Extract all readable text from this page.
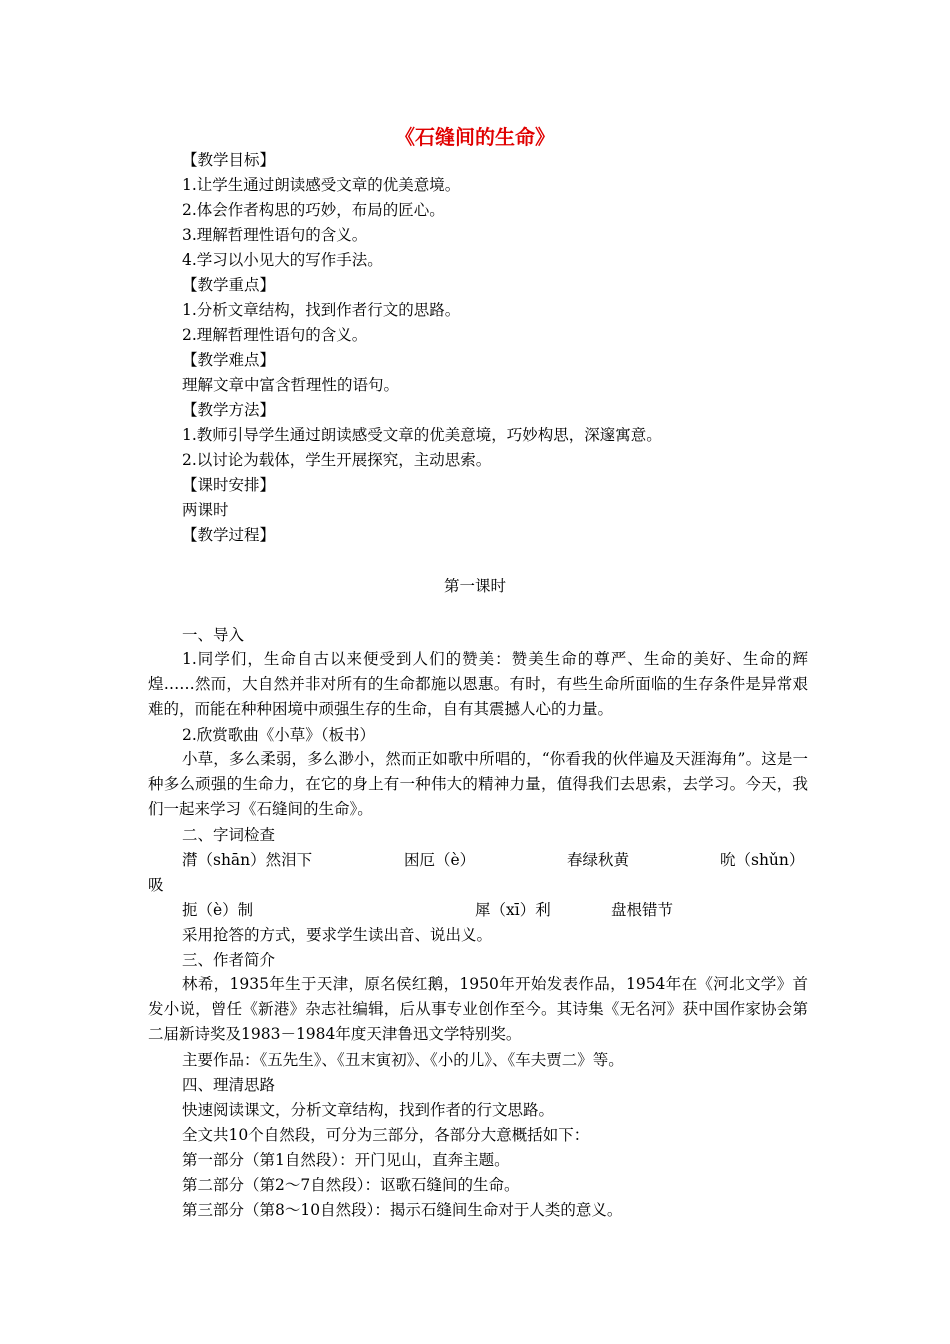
《石缝间的生命》
【教学目标】
1.让学生通过朗读感受文章的优美意境。
2.体会作者构思的巧妙，布局的匠心。
3.理解哲理性语句的含义。
4.学习以小见大的写作手法。
【教学重点】
1.分析文章结构，找到作者行文的思路。
2.理解哲理性语句的含义。
【教学难点】
理解文章中富含哲理性的语句。
【教学方法】
1.教师引导学生通过朗读感受文章的优美意境，巧妙构思，深邃寓意。
2.以讨论为载体，学生开展探究，主动思索。
【课时安排】
两课时
【教学过程】
第一课时
一、导入
1.同学们，生命自古以来便受到人们的赞美：赞美生命的尊严、生命的美好、生命的辉煌……然而，大自然并非对所有的生命都施以恩惠。有时，有些生命所面临的生存条件是异常艰难的，而能在种种困境中顽强生存的生命，自有其震撼人心的力量。
2.欣赏歌曲《小草》（板书）
小草，多么柔弱，多么渺小，然而正如歌中所唱的，“你看我的伙伴遍及天涯海角”。这是一种多么顽强的生命力，在它的身上有一种伟大的精神力量，值得我们去思索，去学习。今天，我们一起来学习《石缝间的生命》。
二、字词检查
潸（shān）然泪下	困厄（è）	春绿秋黄	吮（shǔn）
吸
扼（è）制	犀（xī）利	盘根错节
采用抢答的方式，要求学生读出音、说出义。
三、作者简介
林希，1935年生于天津，原名侯红鹅，1950年开始发表作品，1954年在《河北文学》首发小说，曾任《新港》杂志社编辑，后从事专业创作至今。其诗集《无名河》获中国作家协会第二届新诗奖及1983－1984年度天津鲁迅文学特别奖。
主要作品：《五先生》、《丑末寅初》、《小的儿》、《车夫贾二》等。
四、理清思路
快速阅读课文，分析文章结构，找到作者的行文思路。
全文共10个自然段，可分为三部分，各部分大意概括如下：
第一部分（第1自然段）：开门见山，直奔主题。
第二部分（第2～7自然段）：讴歌石缝间的生命。
第三部分（第8～10自然段）：揭示石缝间生命对于人类的意义。
